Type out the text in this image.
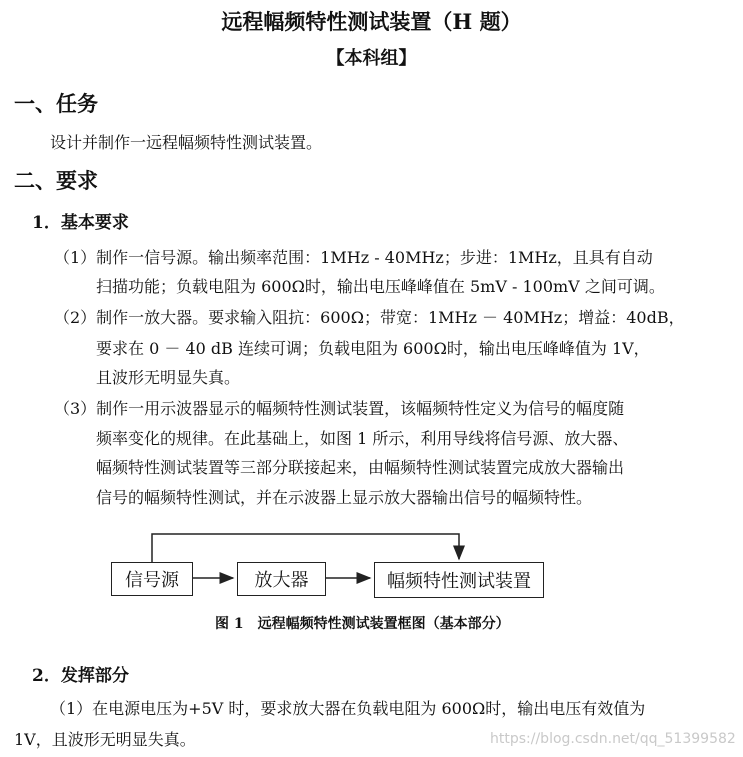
远程幅频特性测试装置（H 题）
【本科组】
一、任务
设计并制作一远程幅频特性测试装置。
二、要求
1．基本要求
（1）制作一信号源。输出频率范围：1MHz - 40MHz；步进：1MHz，且具有自动
扫描功能；负载电阻为 600Ω时，输出电压峰峰值在 5mV - 100mV 之间可调。
（2）制作一放大器。要求输入阻抗：600Ω；带宽：1MHz － 40MHz；增益：40dB，
要求在 0 － 40 dB 连续可调；负载电阻为 600Ω时，输出电压峰峰值为 1V，
且波形无明显失真。
（3）制作一用示波器显示的幅频特性测试装置，该幅频特性定义为信号的幅度随
频率变化的规律。在此基础上，如图 1 所示，利用导线将信号源、放大器、
幅频特性测试装置等三部分联接起来，由幅频特性测试装置完成放大器输出
信号的幅频特性测试，并在示波器上显示放大器输出信号的幅频特性。
信号源	放大器	幅频特性测试装置
图 1　远程幅频特性测试装置框图（基本部分）
2．发挥部分
（1）在电源电压为+5V 时，要求放大器在负载电阻为 600Ω时，输出电压有效值为
1V，且波形无明显失真。	https://blog.csdn.net/qq_51399582
